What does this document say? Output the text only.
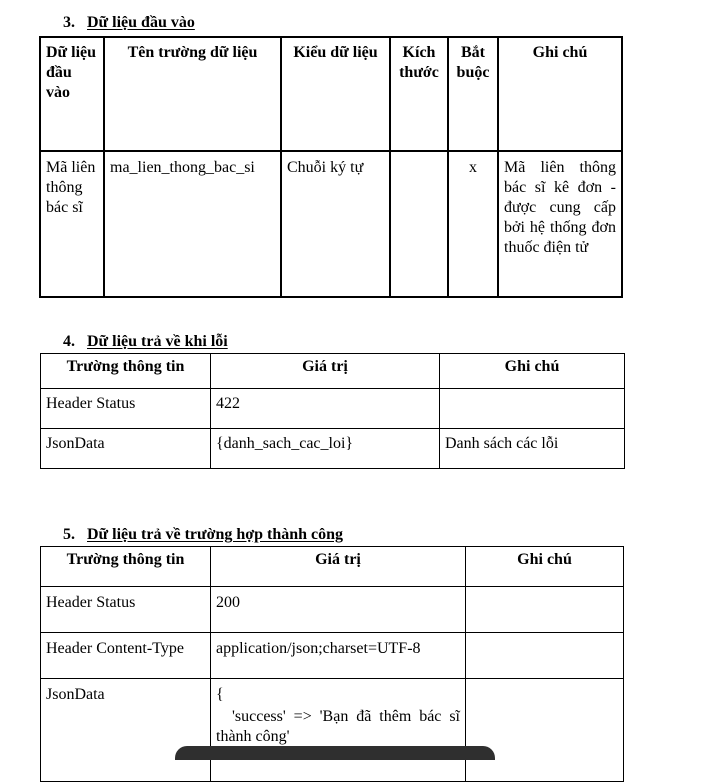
3. Dữ liệu đầu vào
Dữ liệu đầu vào	Tên trường dữ liệu	Kiểu dữ liệu	Kích thước	Bắt buộc	Ghi chú
Mã liên thông bác sĩ	ma_lien_thong_bac_si	Chuỗi ký tự		x	Mã liên thông bác sĩ kê đơn - được cung cấp bởi hệ thống đơn thuốc điện tử
4. Dữ liệu trả về khi lỗi
Trường thông tin	Giá trị	Ghi chú
Header Status	422	
JsonData	{danh_sach_cac_loi}	Danh sách các lỗi
5. Dữ liệu trả về trường hợp thành công
Trường thông tin	Giá trị	Ghi chú
Header Status	200	
Header Content-Type	application/json;charset=UTF-8	
JsonData	{
'success' => 'Bạn đã thêm bác sĩ thành công'	
